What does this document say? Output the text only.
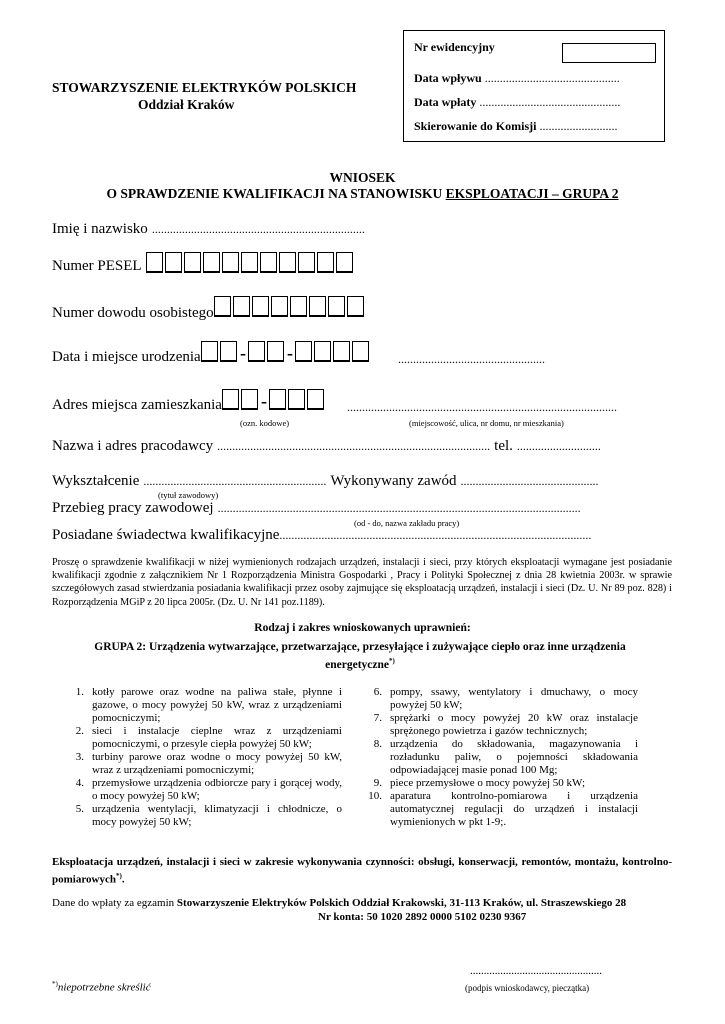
Nr ewidencyjny
Data wpływu .............................................
Data wpłaty ...............................................
Skierowanie do Komisji ..........................
STOWARZYSZENIE ELEKTRYKÓW POLSKICH
Oddział Kraków
WNIOSEK
O SPRAWDZENIE KWALIFIKACJI NA STANOWISKU EKSPLOATACJI – GRUPA 2
Imię i nazwisko .......................................................................
Numer PESEL
Numer dowodu osobistego
Data i miejsce urodzenia - -	.................................................
Adres miejsca zamieszkania -	..........................................................................................
(ozn. kodowe)	(miejscowość, ulica, nr domu, nr mieszkania)
Nazwa i adres pracodawcy ........................................................................................... tel. ............................
Wykształcenie ............................................................. Wykonywany zawód ..............................................
(tytuł zawodowy)
Przebieg pracy zawodowej .........................................................................................................................
(od - do, nazwa zakładu pracy)
Posiadane świadectwa kwalifikacyjne........................................................................................................
Proszę o sprawdzenie kwalifikacji w niżej wymienionych rodzajach urządzeń, instalacji i sieci, przy których eksploatacji wymagane jest posiadanie kwalifikacji zgodnie z załącznikiem Nr 1 Rozporządzenia Ministra Gospodarki , Pracy i Polityki Społecznej z dnia 28 kwietnia 2003r. w sprawie szczegółowych zasad stwierdzania posiadania kwalifikacji przez osoby zajmujące się eksploatacją urządzeń, instalacji i sieci (Dz. U. Nr 89 poz. 828) i Rozporządzenia MGiP z 20 lipca 2005r. (Dz. U. Nr 141 poz.1189).
Rodzaj i zakres wnioskowanych uprawnień:
GRUPA 2: Urządzenia wytwarzające, przetwarzające, przesyłające i zużywające ciepło oraz inne urządzenia energetyczne*)
1. kotły parowe oraz wodne na paliwa stałe, płynne i gazowe, o mocy powyżej 50 kW, wraz z urządzeniami pomocniczymi;
2. sieci i instalacje cieplne wraz z urządzeniami pomocniczymi, o przesyle ciepła powyżej 50 kW;
3. turbiny parowe oraz wodne o mocy powyżej 50 kW, wraz z urządzeniami pomocniczymi;
4. przemysłowe urządzenia odbiorcze pary i gorącej wody, o mocy powyżej 50 kW;
5. urządzenia wentylacji, klimatyzacji i chłodnicze, o mocy powyżej 50 kW;
6. pompy, ssawy, wentylatory i dmuchawy, o mocy powyżej 50 kW;
7. sprężarki o mocy powyżej 20 kW oraz instalacje sprężonego powietrza i gazów technicznych;
8. urządzenia do składowania, magazynowania i rozładunku paliw, o pojemności składowania odpowiadającej masie ponad 100 Mg;
9. piece przemysłowe o mocy powyżej 50 kW;
10. aparatura kontrolno-pomiarowa i urządzenia automatycznej regulacji do urządzeń i instalacji wymienionych w pkt 1-9;.
Eksploatacja urządzeń, instalacji i sieci w zakresie wykonywania czynności: obsługi, konserwacji, remontów, montażu, kontrolno-pomiarowych*).
Dane do wpłaty za egzamin Stowarzyszenie Elektryków Polskich Oddział Krakowski, 31-113 Kraków, ul. Straszewskiego 28
Nr konta: 50 1020 2892 0000 5102 0230 9367
................................................
(podpis wnioskodawcy, pieczątka)
*)niepotrzebne skreślić
